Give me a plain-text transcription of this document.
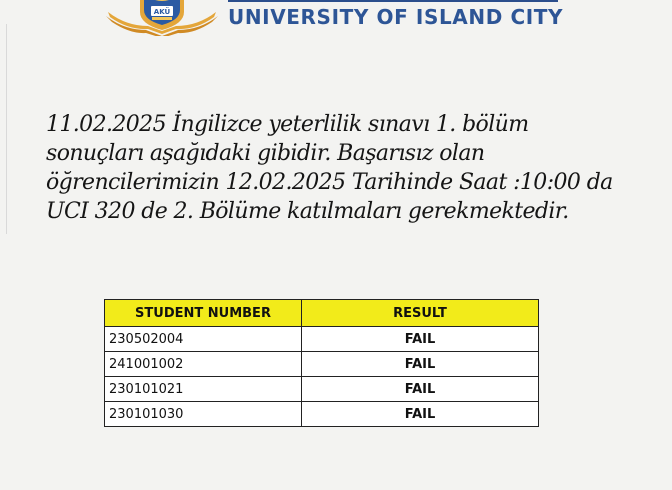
AKÜ	UNIVERSITY OF ISLAND CITY
11.02.2025 İngilizce yeterlilik sınavı 1. bölüm
sonuçları aşağıdaki gibidir. Başarısız olan
öğrencilerimizin 12.02.2025 Tarihinde Saat :10:00 da
UCI 320 de 2. Bölüme katılmaları gerekmektedir.
STUDENT NUMBER	RESULT
230502004	FAIL
241001002	FAIL
230101021	FAIL
230101030	FAIL
